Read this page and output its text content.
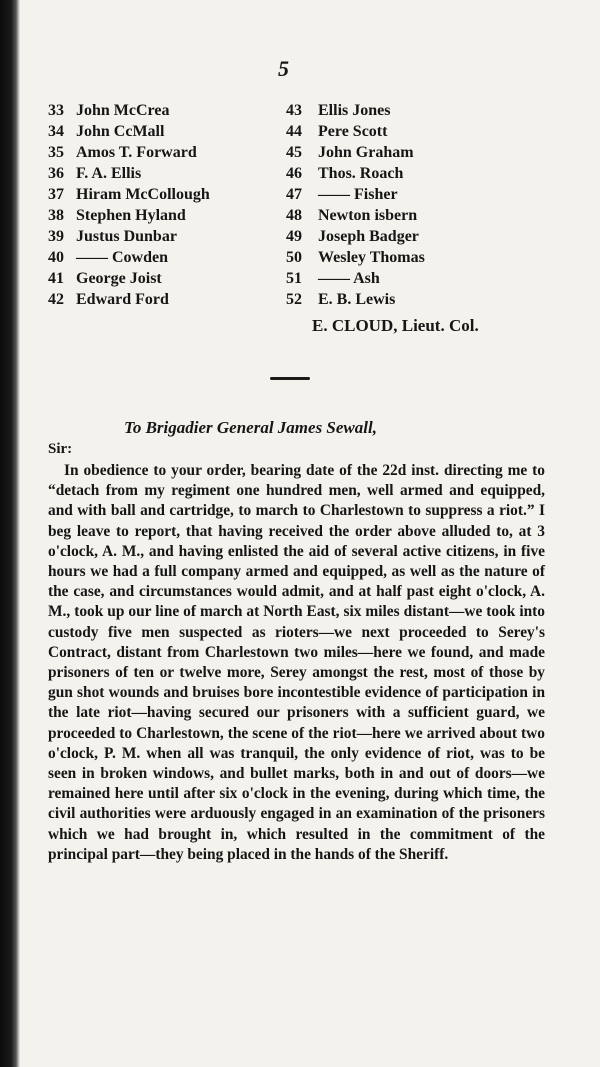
5
33 John McCrea
34 John CcMall
35 Amos T. Forward
36 F. A. Ellis
37 Hiram McCollough
38 Stephen Hyland
39 Justus Dunbar
40 —— Cowden
41 George Joist
42 Edward Ford
43 Ellis Jones
44 Pere Scott
45 John Graham
46 Thos. Roach
47 —— Fisher
48 Newton isbern
49 Joseph Badger
50 Wesley Thomas
51 —— Ash
52 E. B. Lewis
E. CLOUD, Lieut. Col.
To Brigadier General James Sewall,
Sir:

In obedience to your order, bearing date of the 22d inst. directing me to “detach from my regiment one hundred men, well armed and equipped, and with ball and cartridge, to march to Charlestown to suppress a riot.” I beg leave to report, that having received the order above alluded to, at 3 o'clock, A. M., and having enlisted the aid of several active citizens, in five hours we had a full company armed and equipped, as well as the nature of the case, and circumstances would admit, and at half past eight o'clock, A. M., took up our line of march at North East, six miles distant—we took into custody five men suspected as rioters—we next proceeded to Serey's Contract, distant from Charlestown two miles—here we found, and made prisoners of ten or twelve more, Serey amongst the rest, most of those by gun shot wounds and bruises bore incontestible evidence of participation in the late riot—having secured our prisoners with a sufficient guard, we proceeded to Charlestown, the scene of the riot—here we arrived about two o'clock, P. M. when all was tranquil, the only evidence of riot, was to be seen in broken windows, and bullet marks, both in and out of doors—we remained here until after six o'clock in the evening, during which time, the civil authorities were arduously engaged in an examination of the prisoners which we had brought in, which resulted in the commitment of the principal part—they being placed in the hands of the Sheriff.
